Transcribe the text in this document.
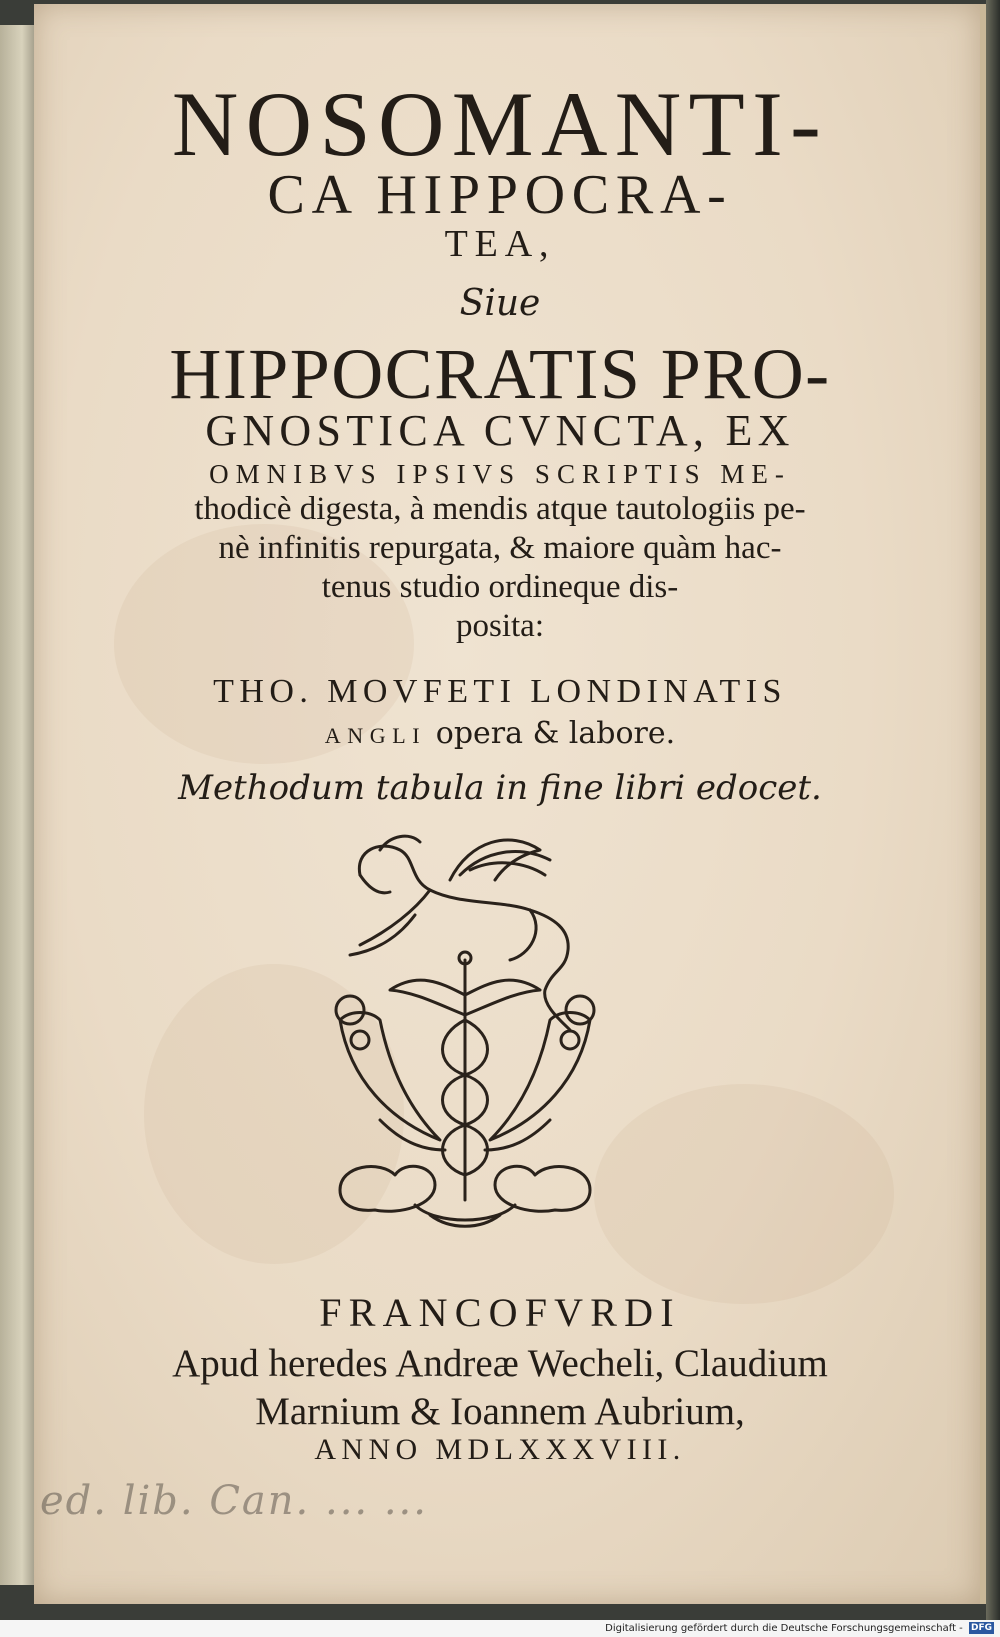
NOSOMANTI-
CA HIPPOCRA-
TEA,
Siue
HIPPOCRATIS PRO-
GNOSTICA CVNCTA, EX
OMNIBVS IPSIVS SCRIPTIS ME-
thodicè digesta, à mendis atque tautologiis pe-
nè infinitis repurgata, & maiore quàm hac-
tenus studio ordineque dis-
posita:
THO. MOVFETI LONDINATIS
ANGLI opera & labore.
Methodum tabula in fine libri edocet.
FRANCOFVRDI
Apud heredes Andreæ Wecheli, Claudium
Marnium & Ioannem Aubrium,
ANNO MDLXXXVIII.
ed. lib. Can. ... ...
Digitalisierung gefördert durch die Deutsche Forschungsgemeinschaft - DFG
